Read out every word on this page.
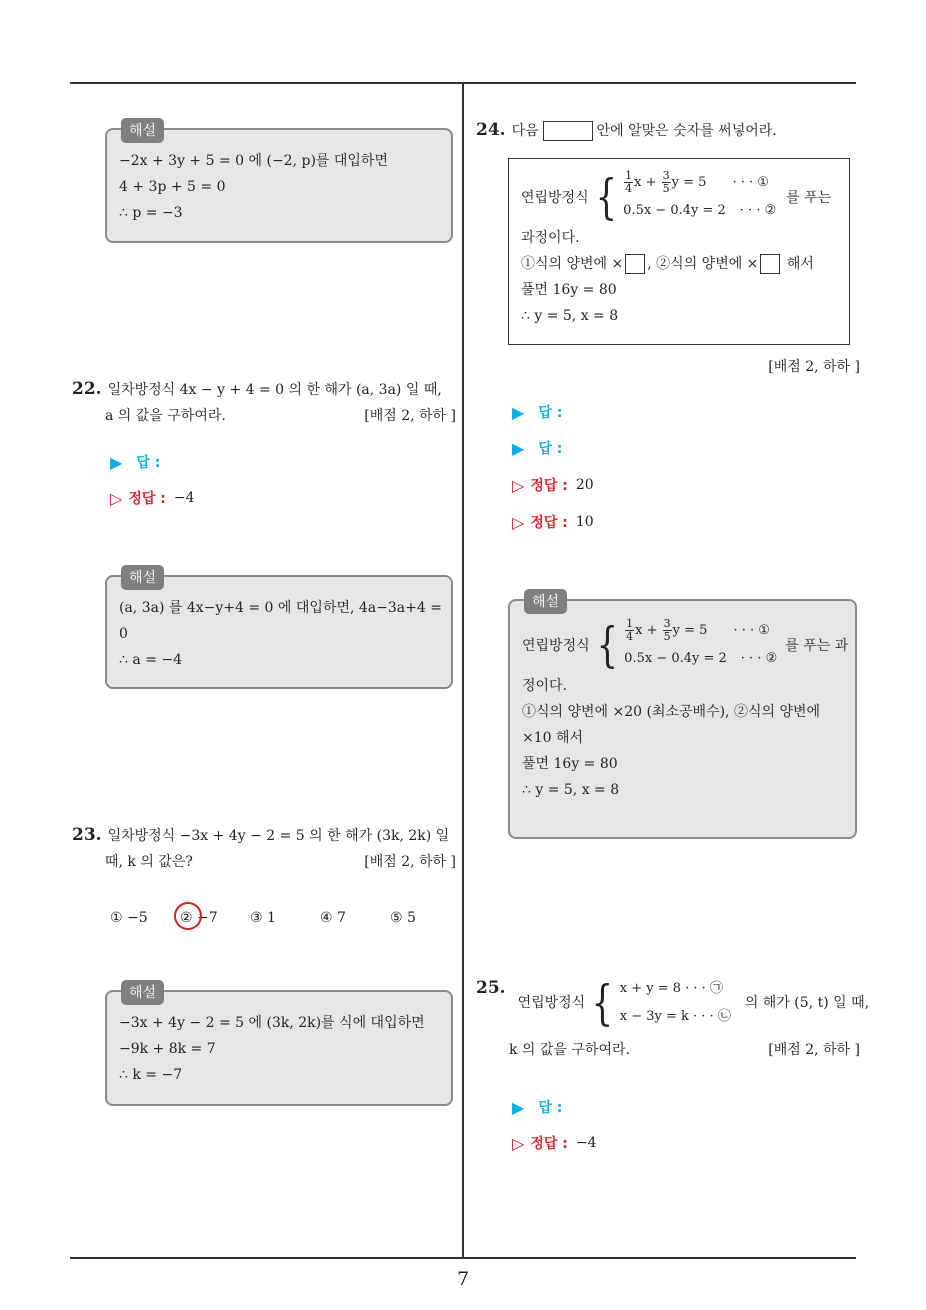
7
해설
−2x + 3y + 5 = 0 에 (−2, p)를 대입하면
4 + 3p + 5 = 0
∴ p = −3
22. 일차방정식 4x − y + 4 = 0 의 한 해가 (a, 3a) 일 때,
a 의 값을 구하여라.	[배점 2, 하하 ]
▶ 답 :
▷ 정답 : −4
해설
(a, 3a) 를 4x−y+4 = 0 에 대입하면, 4a−3a+4 =
0
∴ a = −4
23. 일차방정식 −3x + 4y − 2 = 5 의 한 해가 (3k, 2k) 일
때, k 의 값은?	[배점 2, 하하 ]
① −5	② −7	③ 1	④ 7	⑤ 5
해설
−3x + 4y − 2 = 5 에 (3k, 2k)를 식에 대입하면
−9k + 8k = 7
∴ k = −7
24. 다음	안에 알맞은 숫자를 써넣어라.
연립방정식 { $\frac{1}{4}$ $x + \frac{3}{5}$ y = 5 · · · ①
0.5x − 0.4y = 2 · · · ②
를 푸는
과정이다.
①식의 양변에 × , ②식의 양변에 × 해서
풀면 16y = 80
∴ y = 5, x = 8
[배점 2, 하하 ]
▶ 답 :
▶ 답 :
▷ 정답 : 20
▷ 정답 : 10
해설
연립방정식 { $\frac{1}{4}$ $x + \frac{3}{5}$ y = 5 · · · ①
0.5x − 0.4y = 2 · · · ②
를 푸는 과
정이다.
①식의 양변에 ×20 (최소공배수), ②식의 양변에
×10 해서
풀면 16y = 80
∴ y = 5, x = 8
25.
연립방정식 { x + y = 8 · · · ㉠
x − 3y = k · · · ㉡
의 해가 (5, t) 일 때,
k 의 값을 구하여라.	[배점 2, 하하 ]
▶ 답 :
▷ 정답 : −4
